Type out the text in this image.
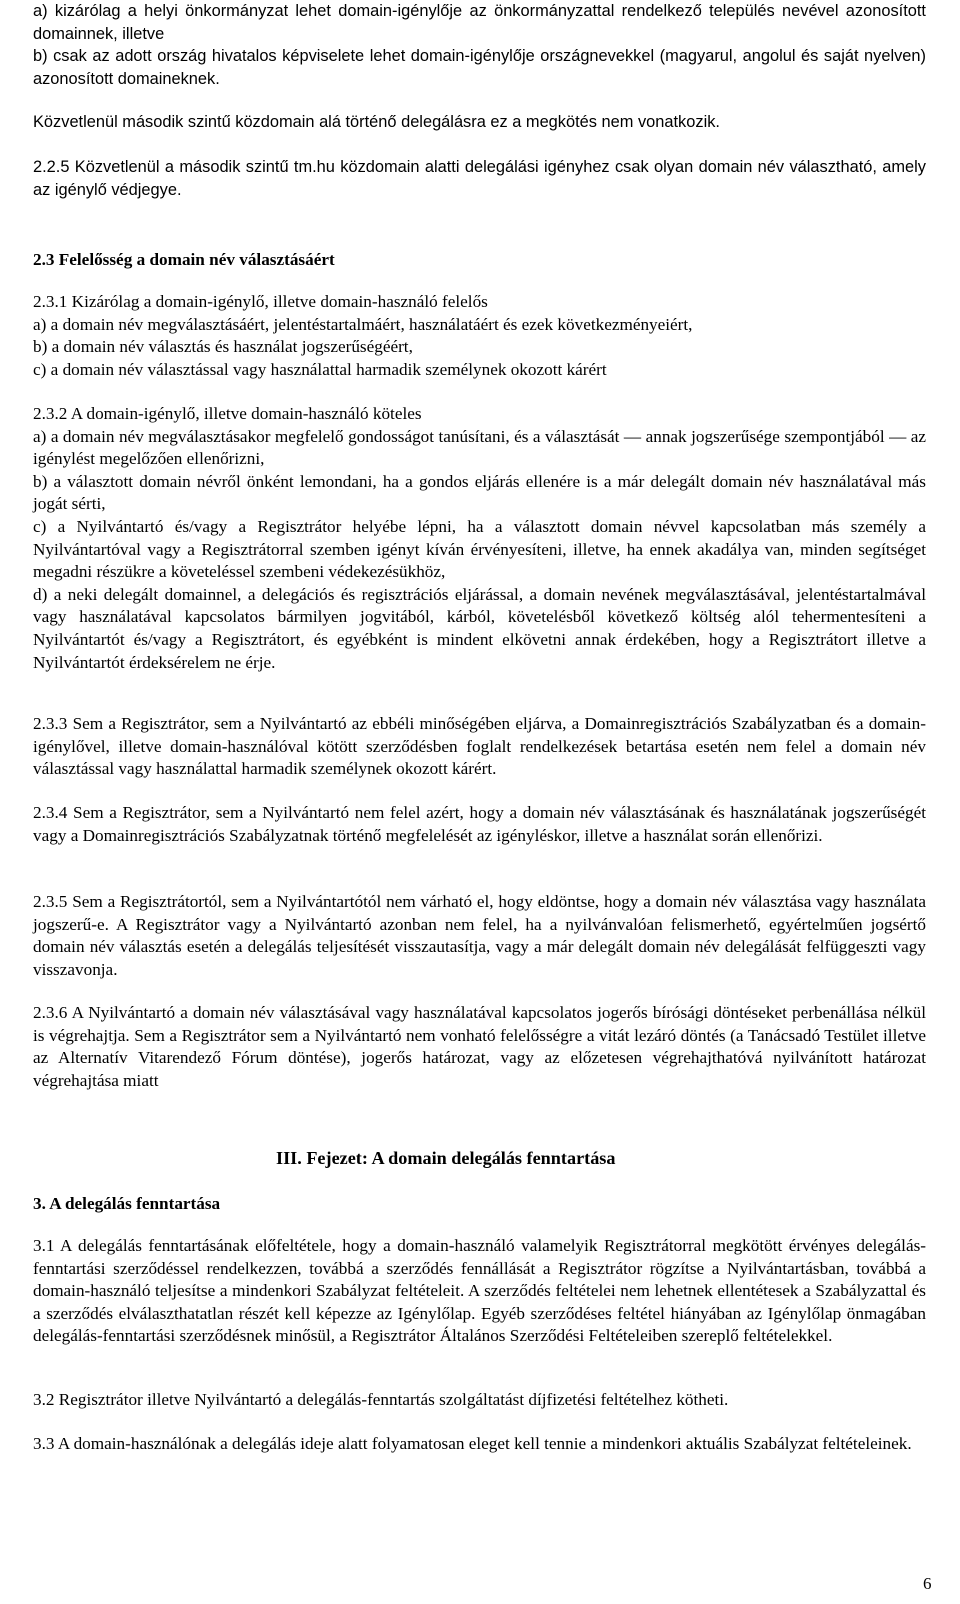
a) kizárólag a helyi önkormányzat lehet domain-igénylője az önkormányzattal rendelkező település nevével azonosított domainnek, illetve

b) csak az adott ország hivatalos képviselete lehet domain-igénylője országnevekkel (magyarul, angolul és saját nyelven) azonosított domaineknek.

Közvetlenül második szintű közdomain alá történő delegálásra ez a megkötés nem vonatkozik.

2.2.5 Közvetlenül a második szintű tm.hu közdomain alatti delegálási igényhez csak olyan domain név választható, amely az igénylő védjegye.

2.3 Felelősség a domain név választásáért

2.3.1 Kizárólag a domain-igénylő, illetve domain-használó felelős
a) a domain név megválasztásáért, jelentéstartalmáért, használatáért és ezek következményeiért,
b) a domain név választás és használat jogszerűségéért,
c) a domain név választással vagy használattal harmadik személynek okozott kárért
2.3.2 A domain-igénylő, illetve domain-használó köteles
a) a domain név megválasztásakor megfelelő gondosságot tanúsítani, és a választását — annak jogszerűsége szempontjából — az igénylést megelőzően ellenőrizni,
b) a választott domain névről önként lemondani, ha a gondos eljárás ellenére is a már delegált domain név használatával más jogát sérti,
c) a Nyilvántartó és/vagy a Regisztrátor helyébe lépni, ha a választott domain névvel kapcsolatban más személy a Nyilvántartóval vagy a Regisztrátorral szemben igényt kíván érvényesíteni, illetve, ha ennek akadálya van, minden segítséget megadni részükre a követeléssel szembeni védekezésükhöz,
d) a neki delegált domainnel, a delegációs és regisztrációs eljárással, a domain nevének megválasztásával, jelentéstartalmával vagy használatával kapcsolatos bármilyen jogvitából, kárból, követelésből következő költség alól tehermentesíteni a Nyilvántartót és/vagy a Regisztrátort, és egyébként is mindent elkövetni annak érdekében, hogy a Regisztrátort illetve a Nyilvántartót érdeksérelem ne érje.

2.3.3 Sem a Regisztrátor, sem a Nyilvántartó az ebbéli minőségében eljárva, a Domainregisztrációs Szabályzatban és a domain-igénylővel, illetve domain-használóval kötött szerződésben foglalt rendelkezések betartása esetén nem felel a domain név választással vagy használattal harmadik személynek okozott kárért.

2.3.4 Sem a Regisztrátor, sem a Nyilvántartó nem felel azért, hogy a domain név választásának és használatának jogszerűségét vagy a Domainregisztrációs Szabályzatnak történő megfelelését az igényléskor, illetve a használat során ellenőrizi.

2.3.5 Sem a Regisztrátortól, sem a Nyilvántartótól nem várható el, hogy eldöntse, hogy a domain név választása vagy használata jogszerű-e. A Regisztrátor vagy a Nyilvántartó azonban nem felel, ha a nyilvánvalóan felismerhető, egyértelműen jogsértő domain név választás esetén a delegálás teljesítését visszautasítja, vagy a már delegált domain név delegálását felfüggeszti vagy visszavonja.

2.3.6 A Nyilvántartó a domain név választásával vagy használatával kapcsolatos jogerős bírósági döntéseket perbenállása nélkül is végrehajtja. Sem a Regisztrátor sem a Nyilvántartó nem vonható felelősségre a vitát lezáró döntés (a Tanácsadó Testület illetve az Alternatív Vitarendező Fórum döntése), jogerős határozat, vagy az előzetesen végrehajthatóvá nyilvánított határozat végrehajtása miatt

III. Fejezet: A domain delegálás fenntartása

3. A delegálás fenntartása

3.1 A delegálás fenntartásának előfeltétele, hogy a domain-használó valamelyik Regisztrátorral megkötött érvényes delegálás-fenntartási szerződéssel rendelkezzen, továbbá a szerződés fennállását a Regisztrátor rögzítse a Nyilvántartásban, továbbá a domain-használó teljesítse a mindenkori Szabályzat feltételeit. A szerződés feltételei nem lehetnek ellentétesek a Szabályzattal és a szerződés elválaszthatatlan részét kell képezze az Igénylőlap. Egyéb szerződéses feltétel hiányában az Igénylőlap önmagában delegálás-fenntartási szerződésnek minősül, a Regisztrátor Általános Szerződési Feltételeiben szereplő feltételekkel.

3.2 Regisztrátor illetve Nyilvántartó a delegálás-fenntartás szolgáltatást díjfizetési feltételhez kötheti.

3.3 A domain-használónak a delegálás ideje alatt folyamatosan eleget kell tennie a mindenkori aktuális Szabályzat feltételeinek.

6
